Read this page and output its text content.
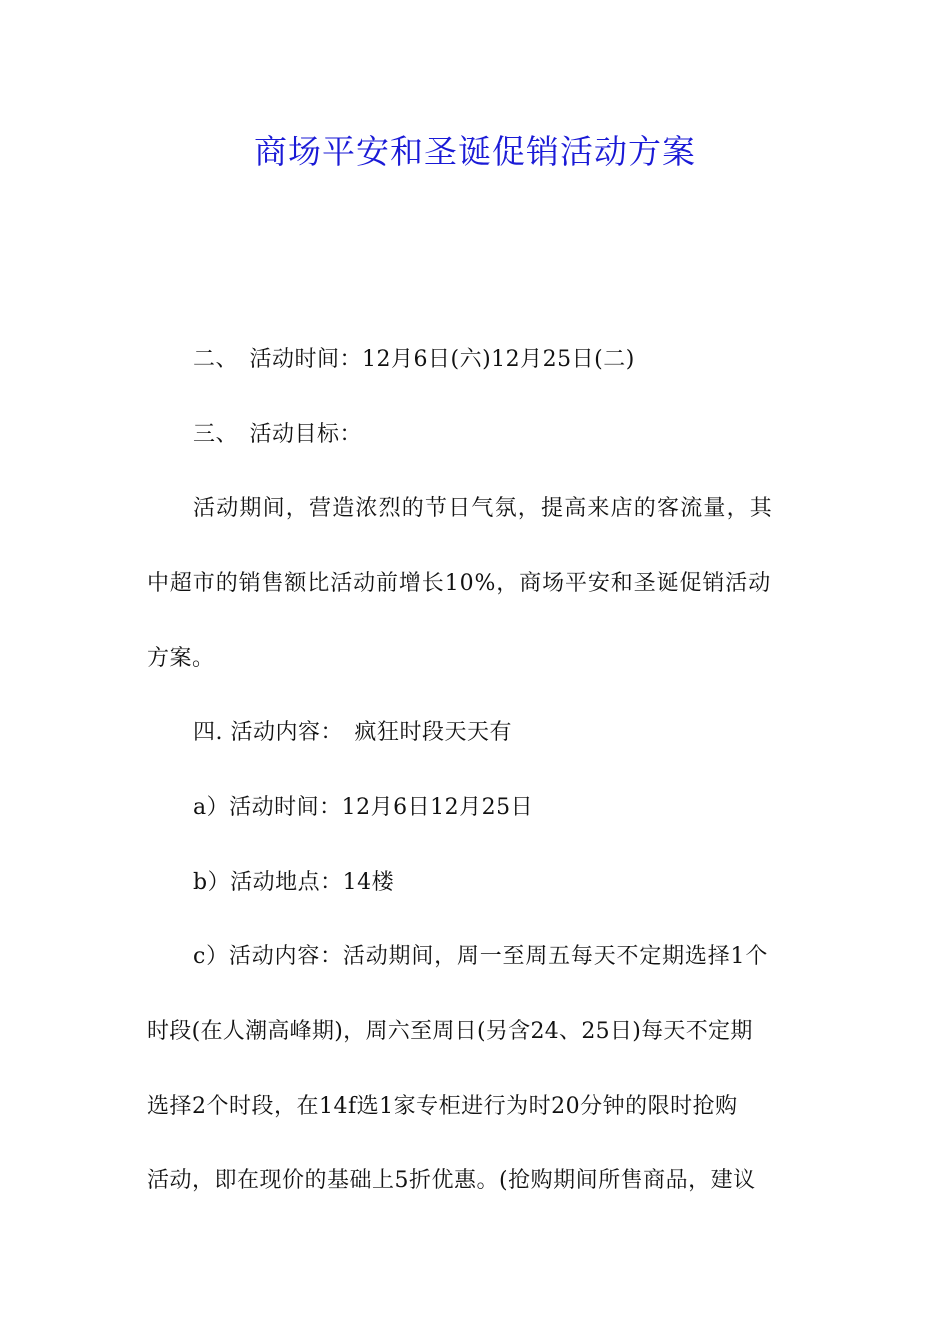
商场平安和圣诞促销活动方案
二、　活动时间：12月6日(六)12月25日(二)
三、　活动目标：
活动期间，营造浓烈的节日气氛，提高来店的客流量，其
中超市的销售额比活动前增长10%，商场平安和圣诞促销活动
方案。
四. 活动内容：　疯狂时段天天有
a）活动时间：12月6日12月25日
b）活动地点：14楼
c）活动内容：活动期间，周一至周五每天不定期选择1个
时段(在人潮高峰期)，周六至周日(另含24、25日)每天不定期
选择2个时段，在14f选1家专柜进行为时20分钟的限时抢购
活动，即在现价的基础上5折优惠。(抢购期间所售商品，建议
